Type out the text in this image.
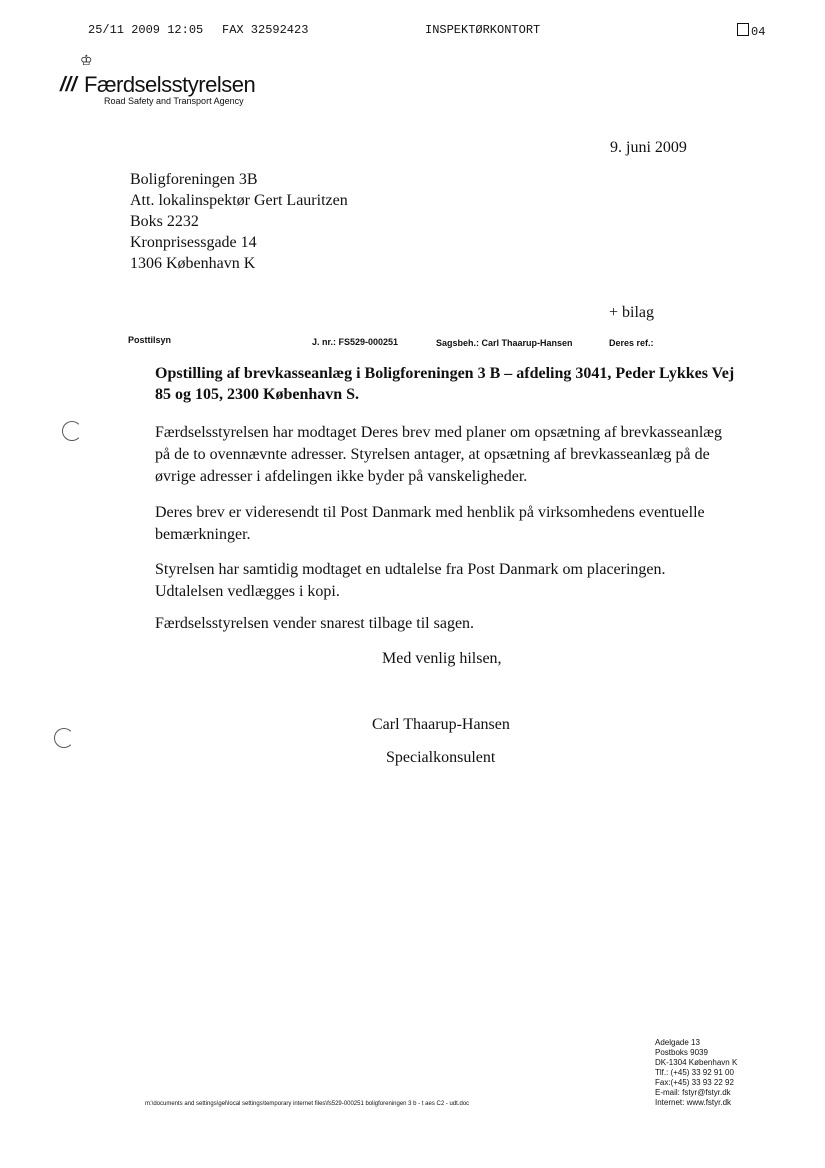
25/11 2009 12:05 FAX 32592423	INSPEKTØRKONTORT	04
♔
/// Færdselsstyrelsen
Road Safety and Transport Agency
9. juni 2009
Boligforeningen 3B
Att. lokalinspektør Gert Lauritzen
Boks 2232
Kronprisessgade 14
1306 København K
+ bilag
Posttilsyn	J. nr.: FS529-000251	Sagsbeh.: Carl Thaarup-Hansen	Deres ref.:
Opstilling af brevkasseanlæg i Boligforeningen 3 B – afdeling 3041, Peder Lykkes Vej 85 og 105, 2300 København S.
Færdselsstyrelsen har modtaget Deres brev med planer om opsætning af brevkasseanlæg på de to ovennævnte adresser. Styrelsen antager, at opsætning af brevkasseanlæg på de øvrige adresser i afdelingen ikke byder på vanskeligheder.
Deres brev er videresendt til Post Danmark med henblik på virksomhedens eventuelle bemærkninger.
Styrelsen har samtidig modtaget en udtalelse fra Post Danmark om placeringen. Udtalelsen vedlægges i kopi.
Færdselsstyrelsen vender snarest tilbage til sagen.
Med venlig hilsen,
Carl Thaarup-Hansen
Specialkonsulent
m:\documents and settings\gel\local settings\temporary internet files\fs529-000251 boligforeningen 3 b - t aes C2 - udt.doc
Adelgade 13
Postboks 9039
DK-1304 København K
Tlf.: (+45) 33 92 91 00
Fax:(+45) 33 93 22 92
E-mail: fstyr@fstyr.dk
Internet: www.fstyr.dk
